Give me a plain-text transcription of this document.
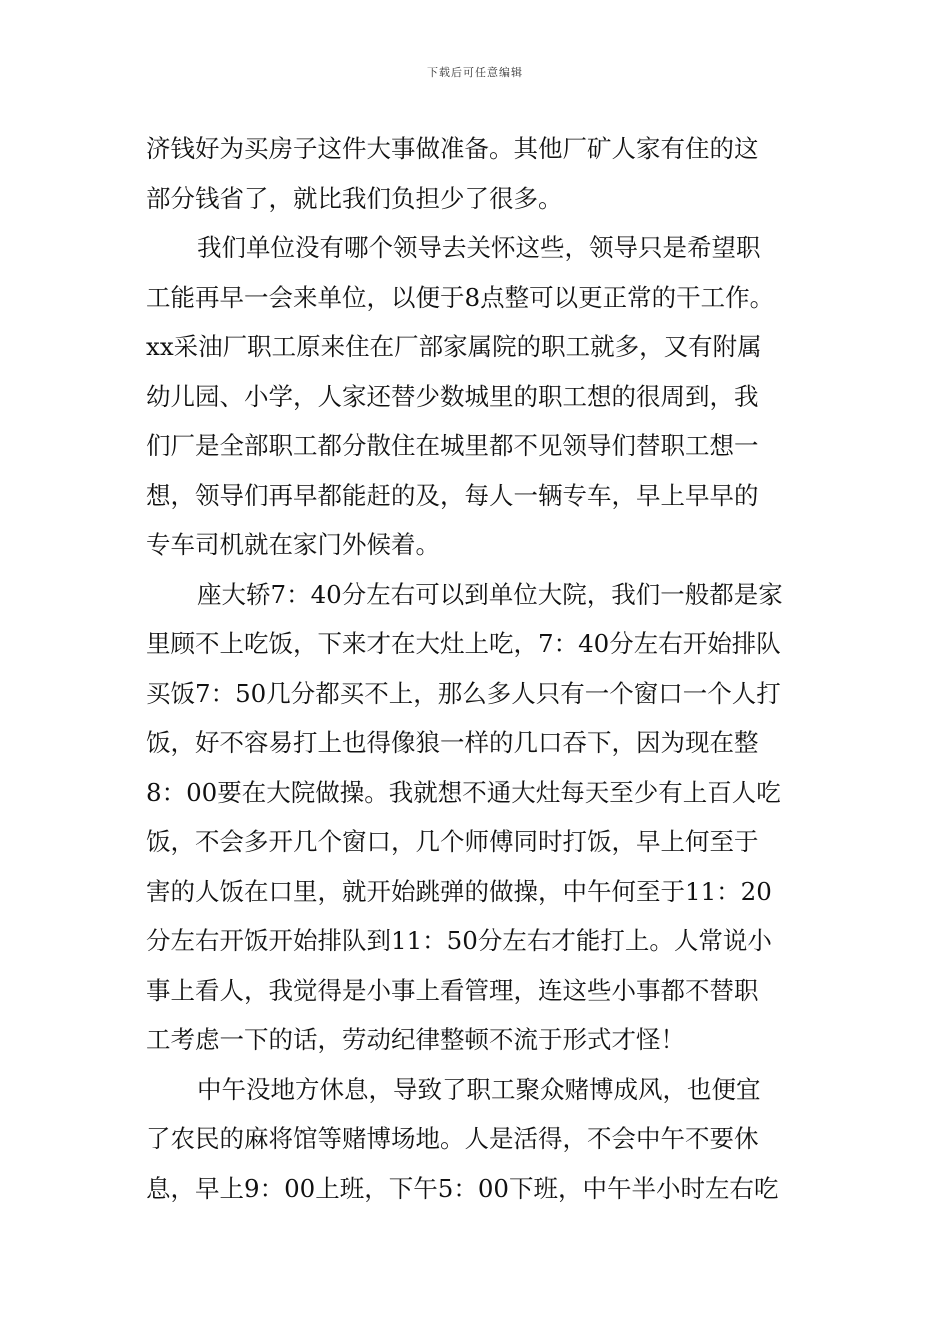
下载后可任意编辑
济钱好为买房子这件大事做准备。其他厂矿人家有住的这
部分钱省了，就比我们负担少了很多。
我们单位没有哪个领导去关怀这些，领导只是希望职
工能再早一会来单位，以便于8点整可以更正常的干工作。
xx采油厂职工原来住在厂部家属院的职工就多，又有附属
幼儿园、小学，人家还替少数城里的职工想的很周到，我
们厂是全部职工都分散住在城里都不见领导们替职工想一
想，领导们再早都能赶的及，每人一辆专车，早上早早的
专车司机就在家门外候着。
座大轿7：40分左右可以到单位大院，我们一般都是家
里顾不上吃饭，下来才在大灶上吃，7：40分左右开始排队
买饭7：50几分都买不上，那么多人只有一个窗口一个人打
饭，好不容易打上也得像狼一样的几口吞下，因为现在整
8：00要在大院做操。我就想不通大灶每天至少有上百人吃
饭，不会多开几个窗口，几个师傅同时打饭，早上何至于
害的人饭在口里，就开始跳弹的做操，中午何至于11：20
分左右开饭开始排队到11：50分左右才能打上。人常说小
事上看人，我觉得是小事上看管理，连这些小事都不替职
工考虑一下的话，劳动纪律整顿不流于形式才怪！
中午没地方休息，导致了职工聚众赌博成风，也便宜
了农民的麻将馆等赌博场地。人是活得，不会中午不要休
息，早上9：00上班，下午5：00下班，中午半小时左右吃
